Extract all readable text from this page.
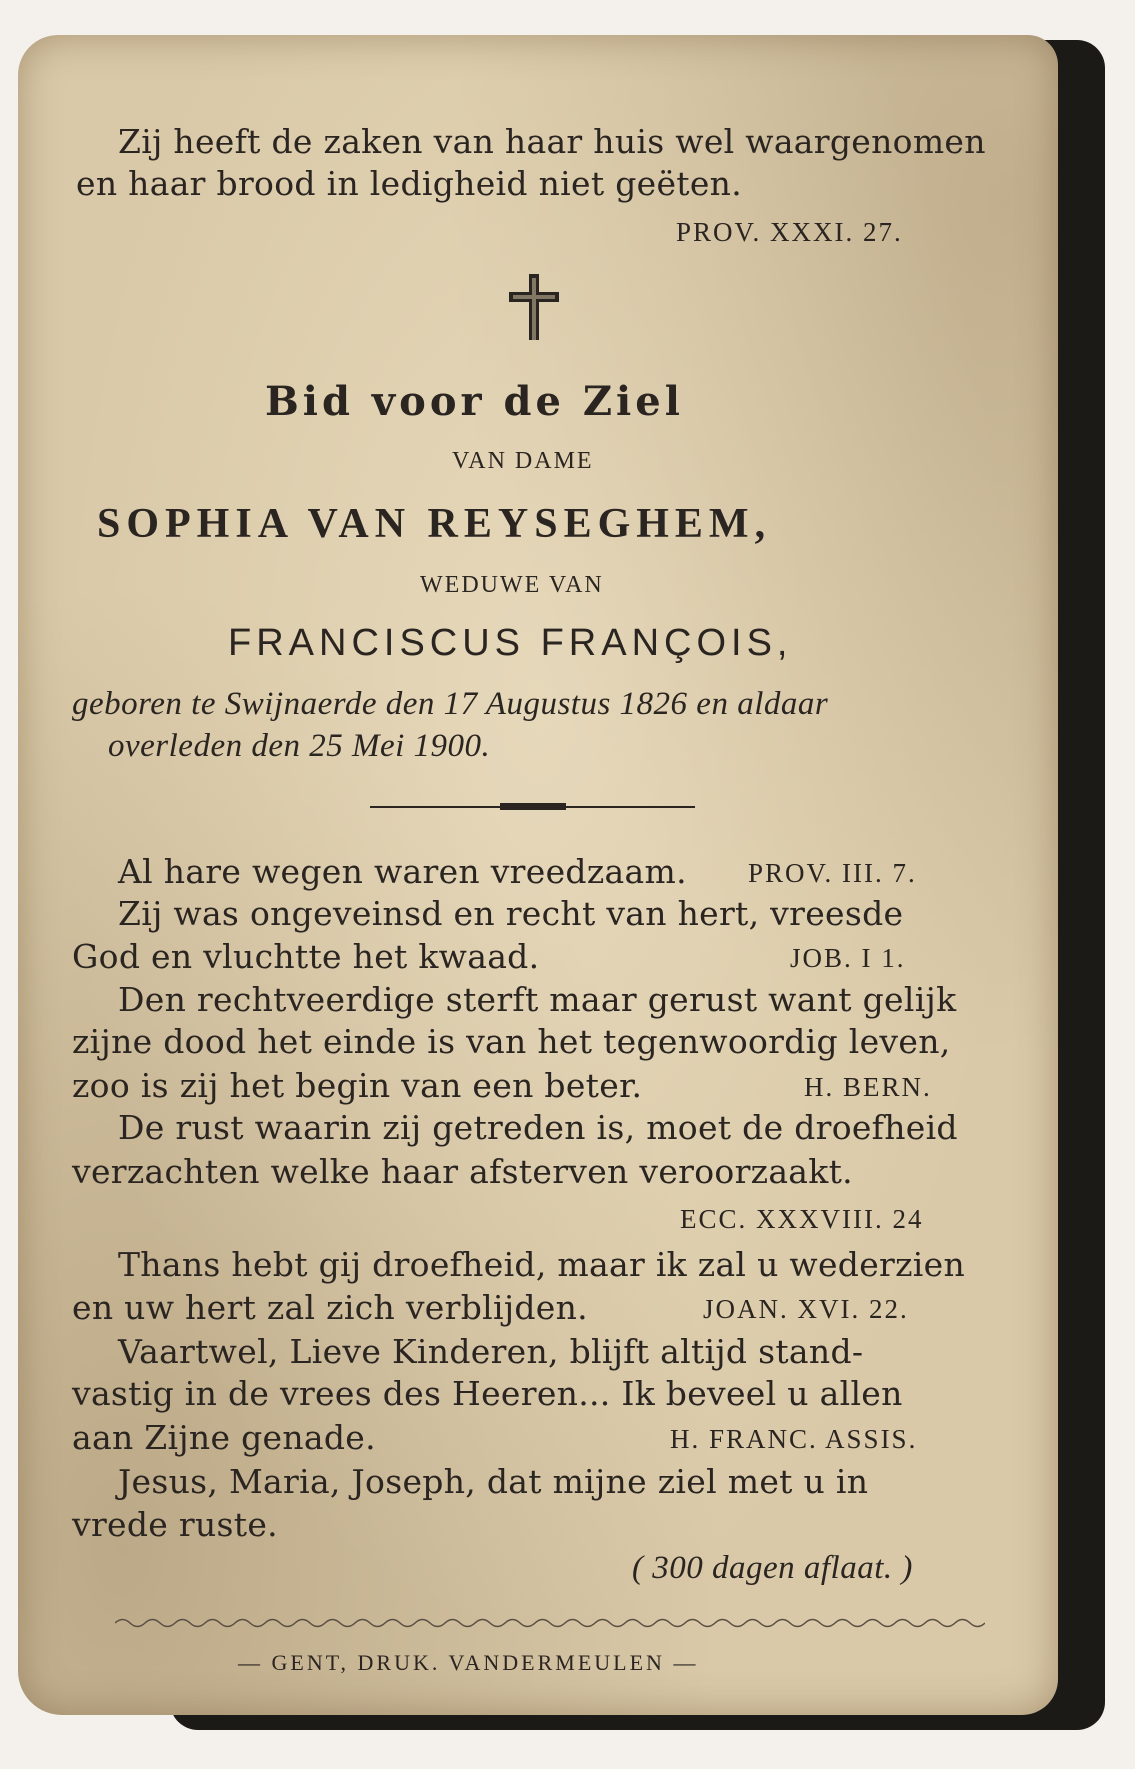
Zij heeft de zaken van haar huis wel waargenomen

en haar brood in ledigheid niet geëten.

PROV. XXXI. 27.

Bid voor de Ziel

VAN DAME

SOPHIA VAN REYSEGHEM,

WEDUWE VAN

FRANCISCUS FRANÇOIS,

geboren te Swijnaerde den 17 Augustus 1826 en aldaar

overleden den 25 Mei 1900.

Al hare wegen waren vreedzaam. PROV. III. 7.

Zij was ongeveinsd en recht van hert, vreesde

God en vluchtte het kwaad.	JOB. I 1.

Den rechtveerdige sterft maar gerust want gelijk

zijne dood het einde is van het tegenwoordig leven,

zoo is zij het begin van een beter.	H. BERN.

De rust waarin zij getreden is, moet de droefheid

verzachten welke haar afsterven veroorzaakt.

ECC. XXXVIII. 24

Thans hebt gij droefheid, maar ik zal u wederzien

en uw hert zal zich verblijden.	JOAN. XVI. 22.

Vaartwel, Lieve Kinderen, blijft altijd stand-

vastig in de vrees des Heeren... Ik beveel u allen

aan Zijne genade.	H. FRANC. ASSIS.

Jesus, Maria, Joseph, dat mijne ziel met u in

vrede ruste.

( 300 dagen aflaat. )

— GENT, DRUK. VANDERMEULEN —
